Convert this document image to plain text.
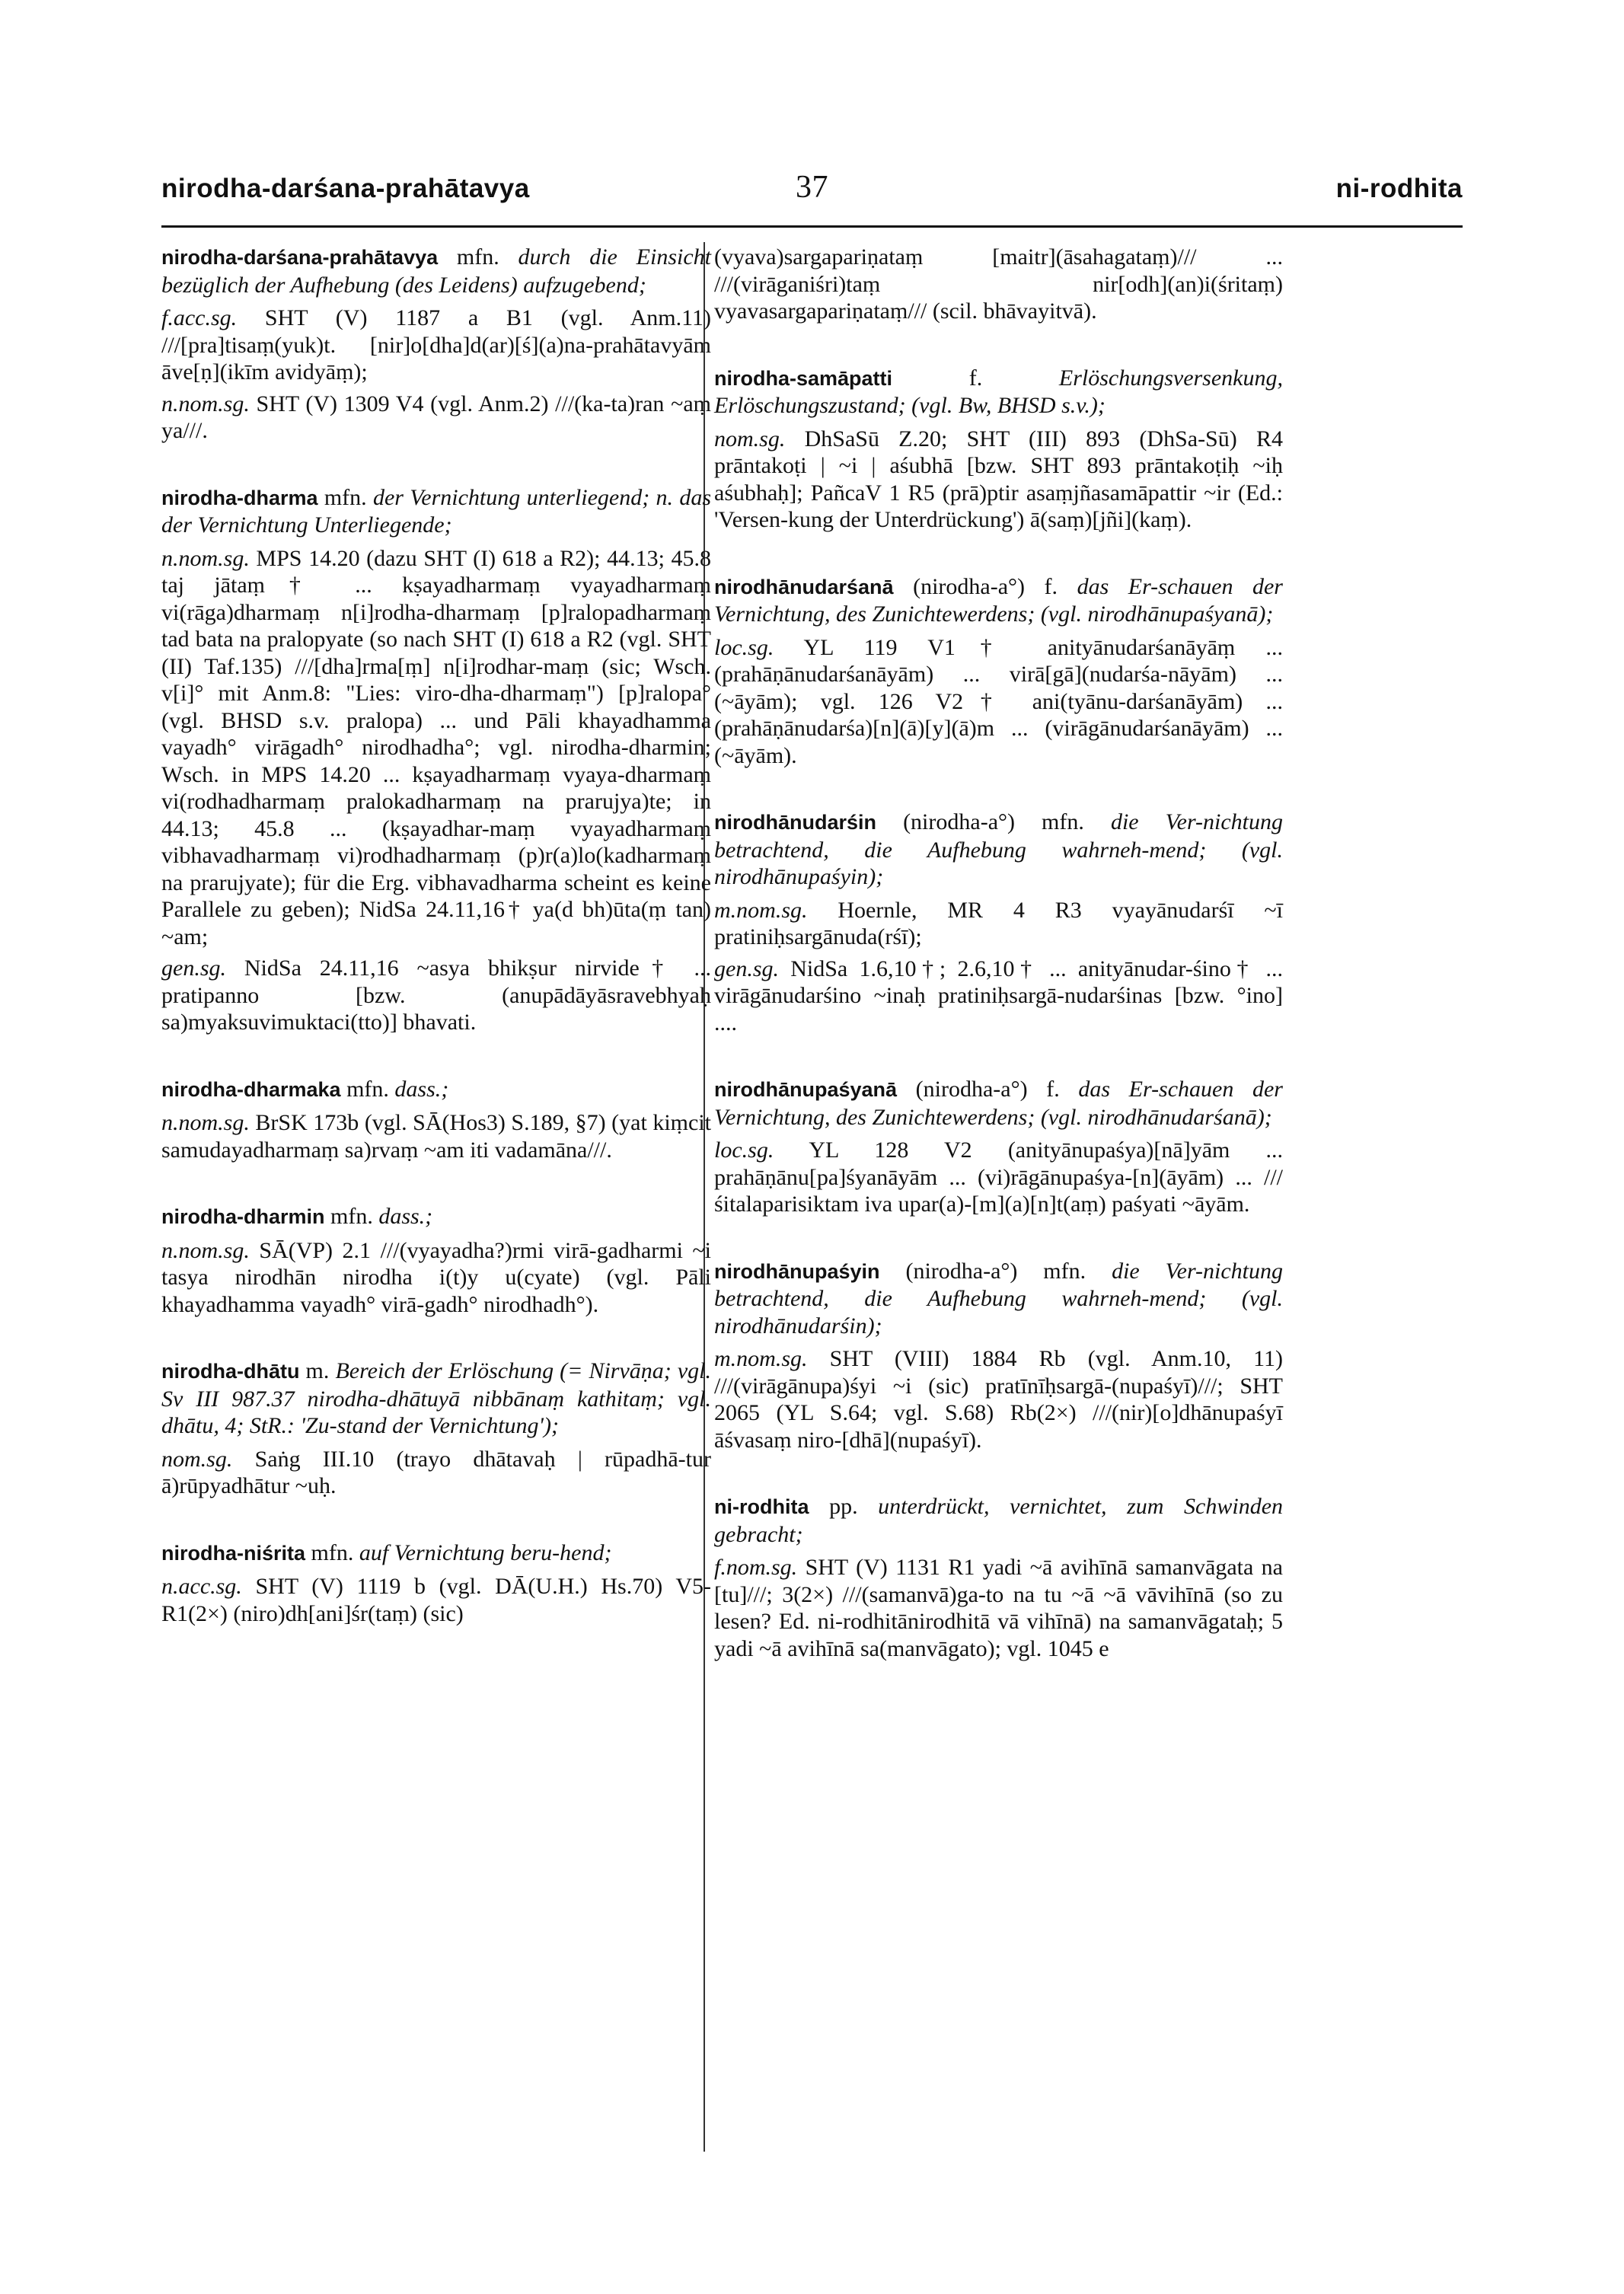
nirodha-darśana-prahātavya	37	ni-rodhita

nirodha-darśana-prahātavya mfn. durch die Einsicht bezüglich der Aufhebung (des Leidens) aufzugebend;

f.acc.sg. SHT (V) 1187 a B1 (vgl. Anm.11) ///[pra]tisaṃ(yuk)t. [nir]o[dha]d(ar)[ś](a)na-prahātavyām āve[ṇ](ikīm avidyāṃ);

n.nom.sg. SHT (V) 1309 V4 (vgl. Anm.2) ///(ka-ta)ran ~aṃ ya///.

nirodha-dharma mfn. der Vernichtung unterliegend; n. das der Vernichtung Unterliegende;

n.nom.sg. MPS 14.20 (dazu SHT (I) 618 a R2); 44.13; 45.8 taj jātaṃ† ... kṣayadharmaṃ vyayadharmaṃ vi(rāga)dharmaṃ n[i]rodha-dharmaṃ [p]ralopadharmaṃ tad bata na pralopyate (so nach SHT (I) 618 a R2 (vgl. SHT (II) Taf.135) ///[dha]rma[ṃ] n[i]rodhar-maṃ (sic; Wsch. v[i]° mit Anm.8: "Lies: viro-dha-dharmaṃ") [p]ralopa° (vgl. BHSD s.v. pralopa) ... und Pāli khayadhamma vayadh° virāgadh° nirodhadha°; vgl. nirodha-dharmin; Wsch. in MPS 14.20 ... kṣayadharmaṃ vyaya-dharmaṃ vi(rodhadharmaṃ pralokadharmaṃ na prarujya)te; in 44.13; 45.8 ... (kṣayadhar-maṃ vyayadharmaṃ vibhavadharmaṃ vi)rodhadharmaṃ (p)r(a)lo(kadharmaṃ na prarujyate); für die Erg. vibhavadharma scheint es keine Parallele zu geben); NidSa 24.11,16† ya(d bh)ūta(ṃ tan) ~am;

gen.sg. NidSa 24.11,16 ~asya bhikṣur nirvide† ... pratipanno [bzw. (anupādāyāsravebhyaḥ sa)myaksuvimuktaci(tto)] bhavati.

nirodha-dharmaka mfn. dass.;

n.nom.sg. BrSK 173b (vgl. SĀ(Hos3) S.189, §7) (yat kiṃcit samudayadharmaṃ sa)rvaṃ ~am iti vadamāna///.

nirodha-dharmin mfn. dass.;

n.nom.sg. SĀ(VP) 2.1 ///(vyayadha?)rmi virā-gadharmi ~i tasya nirodhān nirodha i(t)y u(cyate) (vgl. Pāli khayadhamma vayadh° virā-gadh° nirodhadh°).

nirodha-dhātu m. Bereich der Erlöschung (= Nirvāṇa; vgl. Sv III 987.37 nirodha-dhātuyā nibbānaṃ kathitaṃ; vgl. dhātu, 4; StR.: 'Zu-stand der Vernichtung');

nom.sg. Saṅg III.10 (trayo dhātavaḥ | rūpadhā-tur ā)rūpyadhātur ~uḥ.

nirodha-niśrita mfn. auf Vernichtung beru-hend;

n.acc.sg. SHT (V) 1119 b (vgl. DĀ(U.H.) Hs.70) V5-R1(2×) (niro)dh[ani]śr(taṃ) (sic)

(vyava)sargapariṇataṃ [maitr](āsahagataṃ)/// ... ///(virāganiśri)taṃ nir[odh](an)i(śritaṃ) vyavasargapariṇataṃ/// (scil. bhāvayitvā).

nirodha-samāpatti f. Erlöschungsversenkung, Erlöschungszustand; (vgl. Bw, BHSD s.v.);

nom.sg. DhSaSū Z.20; SHT (III) 893 (DhSa-Sū) R4 prāntakoṭi | ~i | aśubhā [bzw. SHT 893 prāntakoṭiḥ ~iḥ aśubhaḥ]; PañcaV 1 R5 (prā)ptir asaṃjñasamāpattir ~ir (Ed.: 'Versen-kung der Unterdrückung') ā(saṃ)[jñi](kaṃ).

nirodhānudarśanā (nirodha-a°) f. das Er-schauen der Vernichtung, des Zunichtewerdens; (vgl. nirodhānupaśyanā);

loc.sg. YL 119 V1† anityānudarśanāyāṃ ... (prahāṇānudarśanāyām) ... virā[gā](nudarśa-nāyām) ... (~āyām); vgl. 126 V2† ani(tyānu-darśanāyām) ... (prahāṇānudarśa)[n](ā)[y](ā)m ... (virāgānudarśanāyām) ... (~āyām).

nirodhānudarśin (nirodha-a°) mfn. die Ver-nichtung betrachtend, die Aufhebung wahrneh-mend; (vgl. nirodhānupaśyin);

m.nom.sg. Hoernle, MR 4 R3 vyayānudarśī ~ī pratiniḥsargānuda(rśī);

gen.sg. NidSa 1.6,10†; 2.6,10† ... anityānudar-śino† ... virāgānudarśino ~inaḥ pratiniḥsargā-nudarśinas [bzw. °ino] ....

nirodhānupaśyanā (nirodha-a°) f. das Er-schauen der Vernichtung, des Zunichtewerdens; (vgl. nirodhānudarśanā);

loc.sg. YL 128 V2 (anityānupaśya)[nā]yām ... prahāṇānu[pa]śyanāyām ... (vi)rāgānupaśya-[n](āyām) ... ///śitalaparisiktam iva upar(a)-[m](a)[n]t(aṃ) paśyati ~āyām.

nirodhānupaśyin (nirodha-a°) mfn. die Ver-nichtung betrachtend, die Aufhebung wahrneh-mend; (vgl. nirodhānudarśin);

m.nom.sg. SHT (VIII) 1884 Rb (vgl. Anm.10, 11) ///(virāgānupa)śyi ~i (sic) pratīnīḥsargā-(nupaśyī)///; SHT 2065 (YL S.64; vgl. S.68) Rb(2×) ///(nir)[o]dhānupaśyī āśvasaṃ niro-[dhā](nupaśyī).

ni-rodhita pp. unterdrückt, vernichtet, zum Schwinden gebracht;

f.nom.sg. SHT (V) 1131 R1 yadi ~ā avihīnā samanvāgata na [tu]///; 3(2×) ///(samanvā)ga-to na tu ~ā ~ā vāvihīnā (so zu lesen? Ed. ni-rodhitānirodhitā vā vihīnā) na samanvāgataḥ; 5 yadi ~ā avihīnā sa(manvāgato); vgl. 1045 e
